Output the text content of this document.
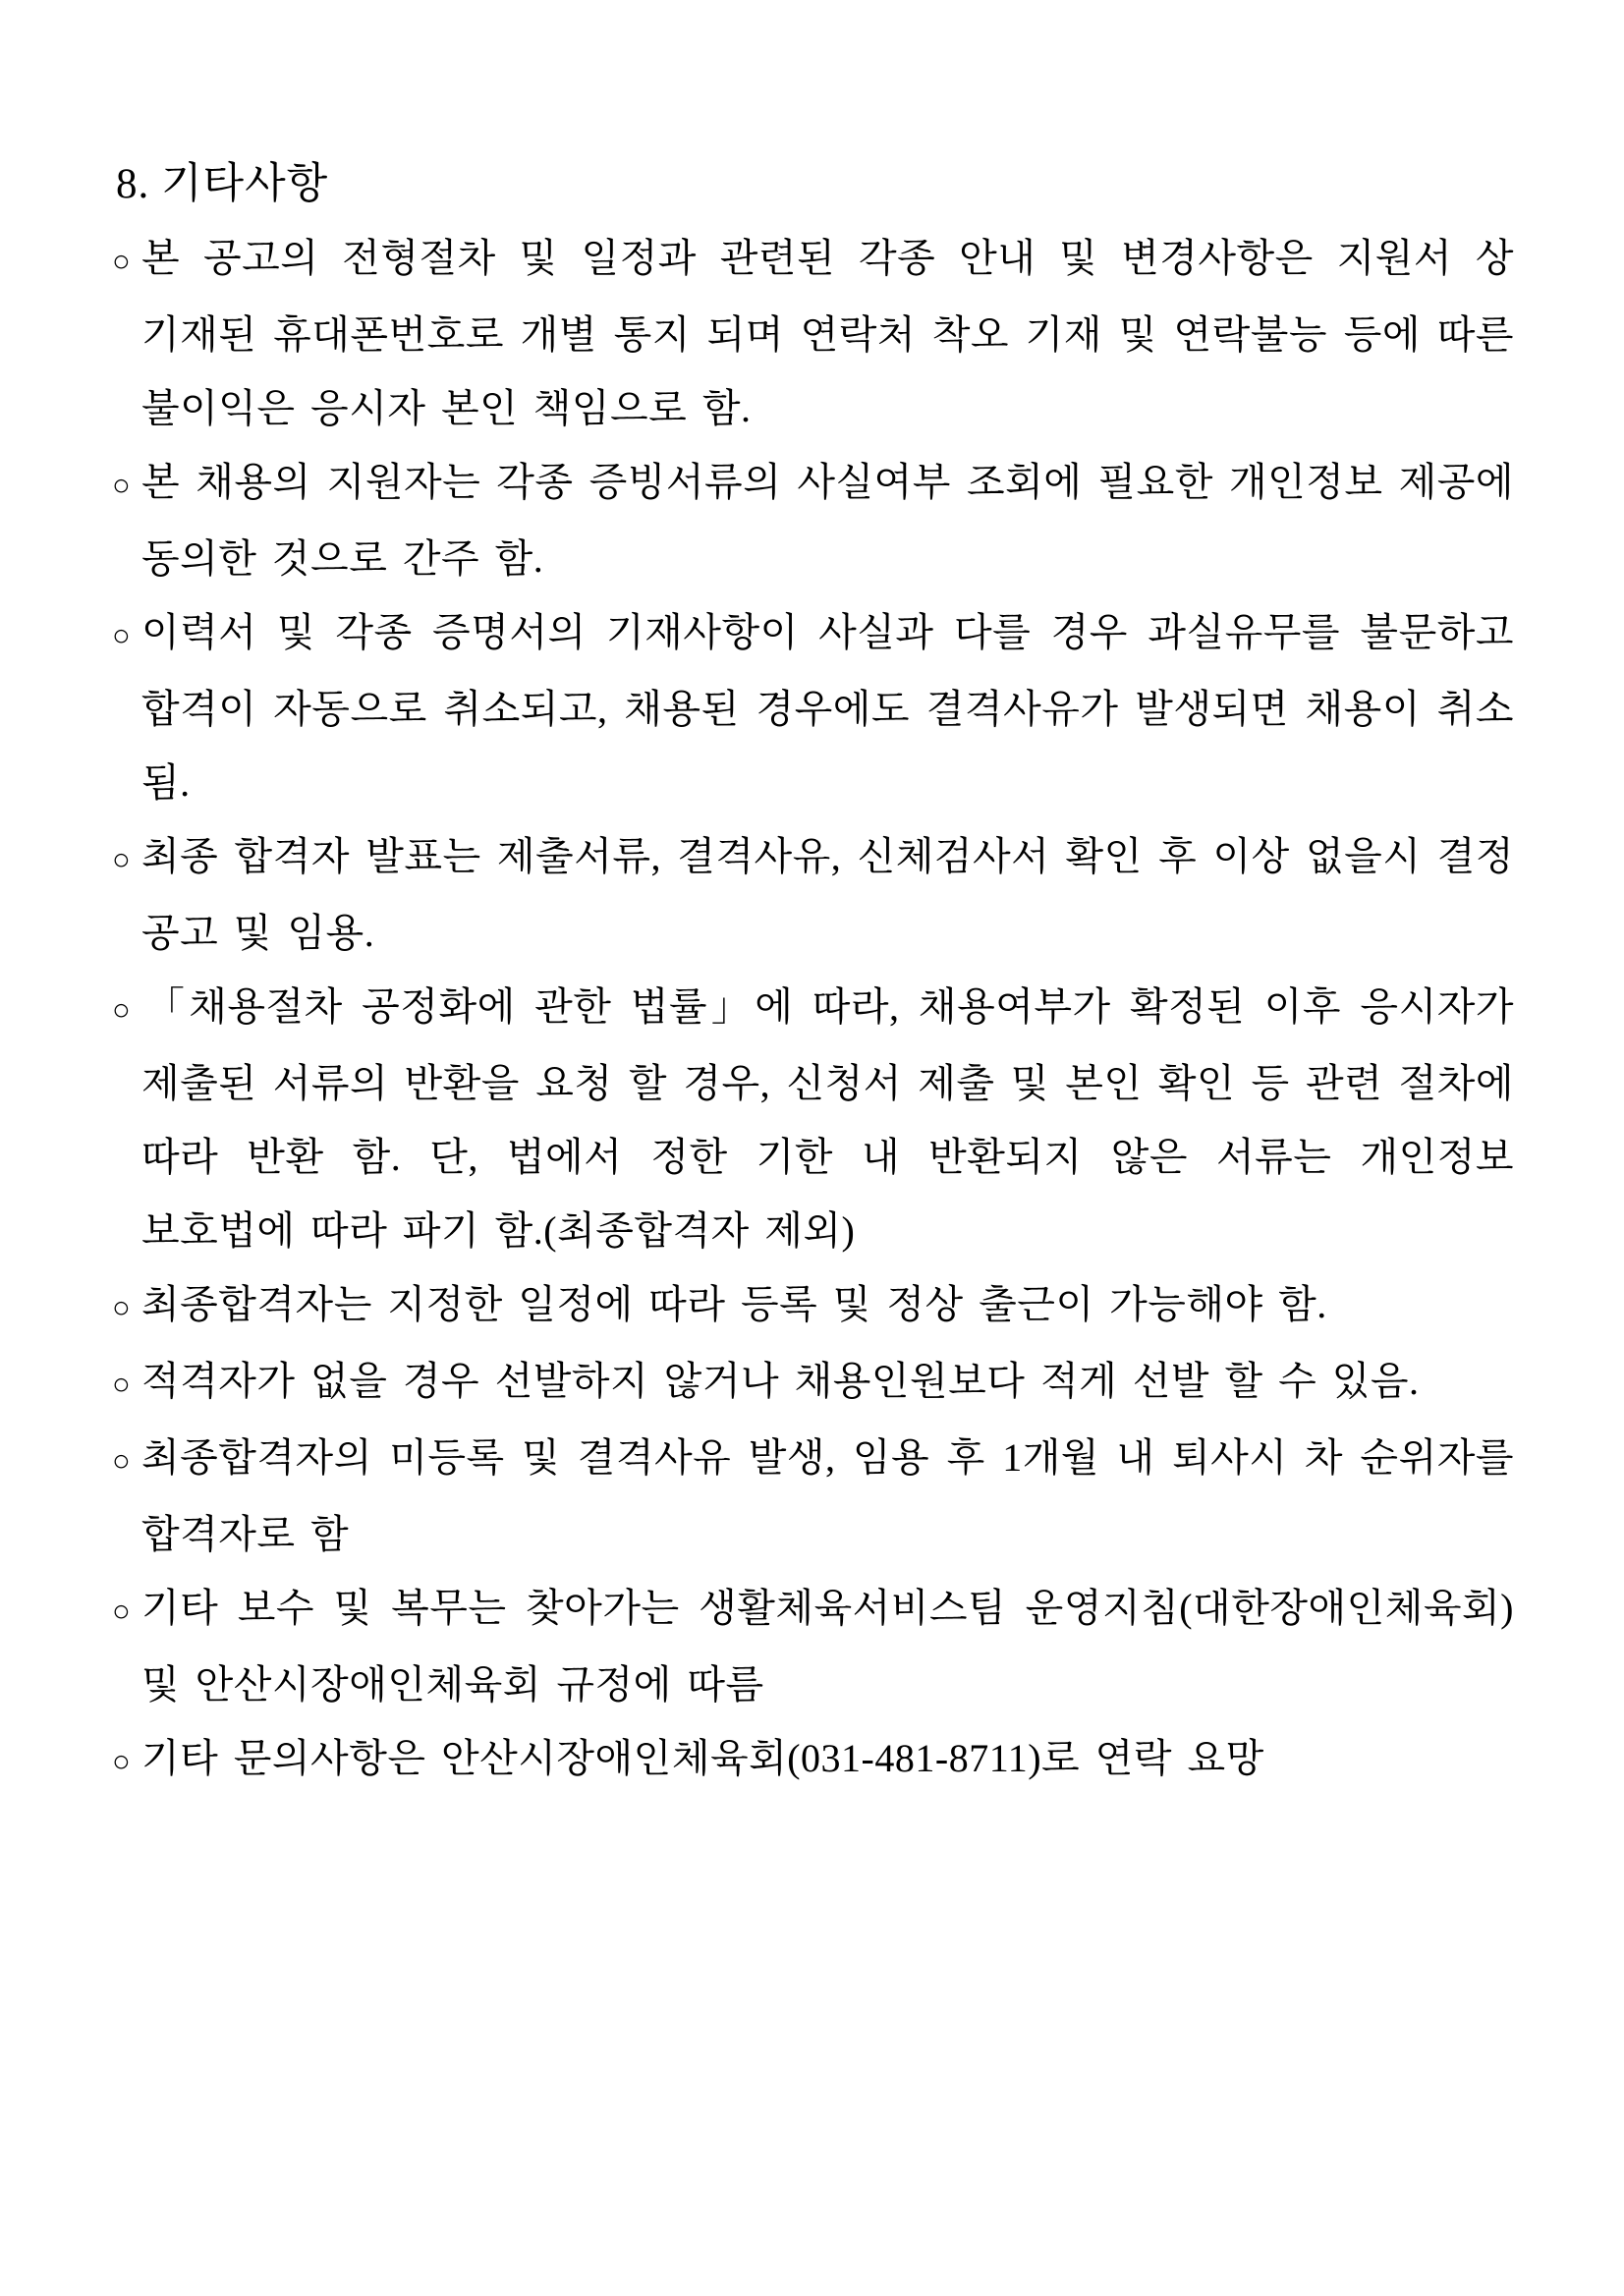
8. 기타사항
○ 본 공고의 전형절차 및 일정과 관련된 각종 안내 및 변경사항은 지원서 상 기재된 휴대폰번호로 개별 통지 되며 연락처 착오 기재 및 연락불능 등에 따른 불이익은 응시자 본인 책임으로 함.
○ 본 채용의 지원자는 각종 증빙서류의 사실여부 조회에 필요한 개인정보 제공에 동의한 것으로 간주 함.
○ 이력서 및 각종 증명서의 기재사항이 사실과 다를 경우 과실유무를 불문하고 합격이 자동으로 취소되고, 채용된 경우에도 결격사유가 발생되면 채용이 취소 됨.
○ 최종 합격자 발표는 제출서류, 결격사유, 신체검사서 확인 후 이상 없을시 결정 공고 및 임용.
○ 「채용절차 공정화에 관한 법률」에 따라, 채용여부가 확정된 이후 응시자가 제출된 서류의 반환을 요청 할 경우, 신청서 제출 및 본인 확인 등 관련 절차에 따라 반환 함. 단, 법에서 정한 기한 내 반환되지 않은 서류는 개인정보 보호법에 따라 파기 함.(최종합격자 제외)
○ 최종합격자는 지정한 일정에 따라 등록 및 정상 출근이 가능해야 함.
○ 적격자가 없을 경우 선발하지 않거나 채용인원보다 적게 선발 할 수 있음.
○ 최종합격자의 미등록 및 결격사유 발생, 임용 후 1개월 내 퇴사시 차 순위자를 합격자로 함
○ 기타 보수 및 복무는 찾아가는 생활체육서비스팀 운영지침(대한장애인체육회) 및 안산시장애인체육회 규정에 따름
○ 기타 문의사항은 안산시장애인체육회(031-481-8711)로 연락 요망
